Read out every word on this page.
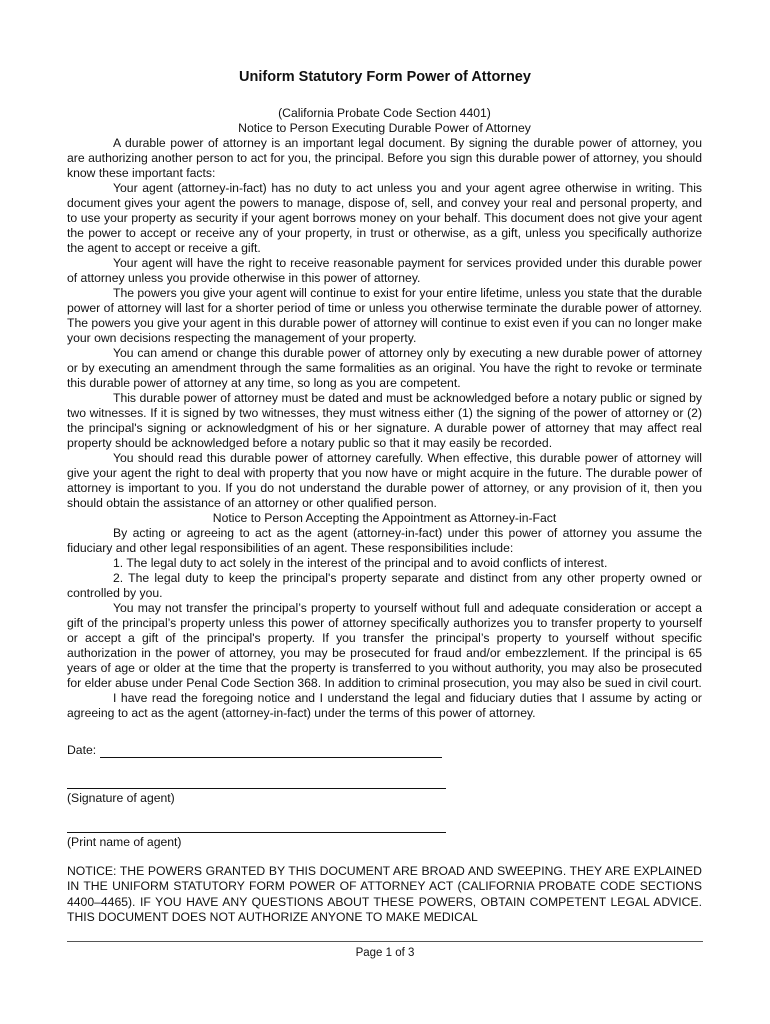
Uniform Statutory Form Power of Attorney
(California Probate Code Section 4401)
Notice to Person Executing Durable Power of Attorney
A durable power of attorney is an important legal document. By signing the durable power of attorney, you are authorizing another person to act for you, the principal. Before you sign this durable power of attorney, you should know these important facts:
Your agent (attorney-in-fact) has no duty to act unless you and your agent agree otherwise in writing. This document gives your agent the powers to manage, dispose of, sell, and convey your real and personal property, and to use your property as security if your agent borrows money on your behalf. This document does not give your agent the power to accept or receive any of your property, in trust or otherwise, as a gift, unless you specifically authorize the agent to accept or receive a gift.
Your agent will have the right to receive reasonable payment for services provided under this durable power of attorney unless you provide otherwise in this power of attorney.
The powers you give your agent will continue to exist for your entire lifetime, unless you state that the durable power of attorney will last for a shorter period of time or unless you otherwise terminate the durable power of attorney. The powers you give your agent in this durable power of attorney will continue to exist even if you can no longer make your own decisions respecting the management of your property.
You can amend or change this durable power of attorney only by executing a new durable power of attorney or by executing an amendment through the same formalities as an original. You have the right to revoke or terminate this durable power of attorney at any time, so long as you are competent.
This durable power of attorney must be dated and must be acknowledged before a notary public or signed by two witnesses. If it is signed by two witnesses, they must witness either (1) the signing of the power of attorney or (2) the principal's signing or acknowledgment of his or her signature. A durable power of attorney that may affect real property should be acknowledged before a notary public so that it may easily be recorded.
You should read this durable power of attorney carefully. When effective, this durable power of attorney will give your agent the right to deal with property that you now have or might acquire in the future. The durable power of attorney is important to you. If you do not understand the durable power of attorney, or any provision of it, then you should obtain the assistance of an attorney or other qualified person.
Notice to Person Accepting the Appointment as Attorney-in-Fact
By acting or agreeing to act as the agent (attorney-in-fact) under this power of attorney you assume the fiduciary and other legal responsibilities of an agent. These responsibilities include:
1. The legal duty to act solely in the interest of the principal and to avoid conflicts of interest.
2. The legal duty to keep the principal's property separate and distinct from any other property owned or controlled by you.
You may not transfer the principal’s property to yourself without full and adequate consideration or accept a gift of the principal’s property unless this power of attorney specifically authorizes you to transfer property to yourself or accept a gift of the principal's property. If you transfer the principal’s property to yourself without specific authorization in the power of attorney, you may be prosecuted for fraud and/or embezzlement. If the principal is 65 years of age or older at the time that the property is transferred to you without authority, you may also be prosecuted for elder abuse under Penal Code Section 368. In addition to criminal prosecution, you may also be sued in civil court.
I have read the foregoing notice and I understand the legal and fiduciary duties that I assume by acting or agreeing to act as the agent (attorney-in-fact) under the terms of this power of attorney.
Date:
(Signature of agent)
(Print name of agent)
NOTICE: THE POWERS GRANTED BY THIS DOCUMENT ARE BROAD AND SWEEPING. THEY ARE EXPLAINED IN THE UNIFORM STATUTORY FORM POWER OF ATTORNEY ACT (CALIFORNIA PROBATE CODE SECTIONS 4400–4465). IF YOU HAVE ANY QUESTIONS ABOUT THESE POWERS, OBTAIN COMPETENT LEGAL ADVICE. THIS DOCUMENT DOES NOT AUTHORIZE ANYONE TO MAKE MEDICAL
Page 1 of 3
